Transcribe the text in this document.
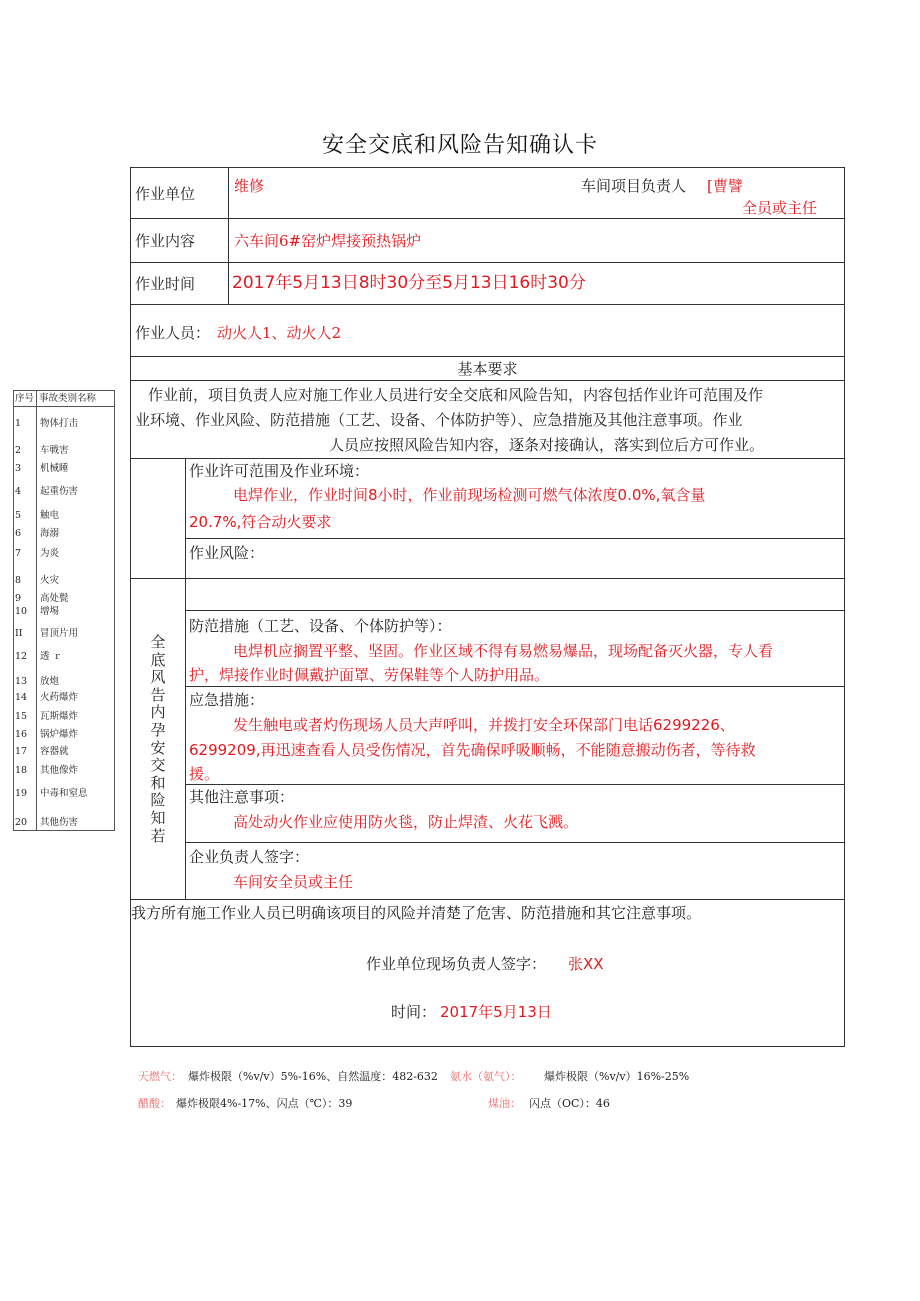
安全交底和风险告知确认卡
作业单位	维修	车间项目负责人 [曹譬
全员或主任
作业内容	六车间6#窑炉焊接预热锅炉
作业时间 2017年5月13日8时30分至5月13日16时30分
作业人员： 动火人1、动火人2
基本要求
作业前，项目负责人应对施工作业人员进行安全交底和风险告知，内容包括作业许可范围及作
业环境、作业风险、防范措施（工艺、设备、个体防护等）、应急措施及其他注意事项。作业
人员应按照风险告知内容，逐条对接确认，落实到位后方可作业。
全底风告内孕安交和险知若
作业许可范围及作业环境：
电焊作业，作业时间8小时，作业前现场检测可燃气体浓度0.0%,氧含量
20.7%,符合动火要求
作业风险：
防范措施（工艺、设备、个体防护等）：
电焊机应搁置平整、坚固。作业区域不得有易燃易爆品，现场配备灭火器，专人看
护，焊接作业时佩戴护面罩、劳保鞋等个人防护用品。
应急措施：
发生触电或者灼伤现场人员大声呼叫，并拨打安全环保部门电话6299226、
6299209,再迅速查看人员受伤情况，首先确保呼吸顺畅，不能随意搬动伤者，等待救
援。
其他注意事项：
高处动火作业应使用防火毯，防止焊渣、火花飞溅。
企业负责人签字：
车间安全员或主任
我方所有施工作业人员已明确该项目的风险并清楚了危害、防范措施和其它注意事项。
作业单位现场负责人签字： 张XX
时间： 2017年5月13日
序号 事故类别名称
1 物体打击
2 车戦害
3 机械睡
4 起重伤害
5 触电
6 海溺
7 为炎
8 火灾
9 高处甏
10 增埸
II 冒顶片用
12 透 ｒ
13 放炮
14 火药爆炸
15 瓦斯爆炸
16 锅炉爆炸
17 容器就
18 其他像炸
19 中毒和窒息
20 其他伤害
天燃气： 爆炸极限（%v/v）5%-16%、自然温度：482-632 氨水（氨气）： 爆炸极限（%v/v）16%-25%
醋酸： 爆炸极限4%-17%、闪点（℃）：39	煤油： 闪点（OC）：46
